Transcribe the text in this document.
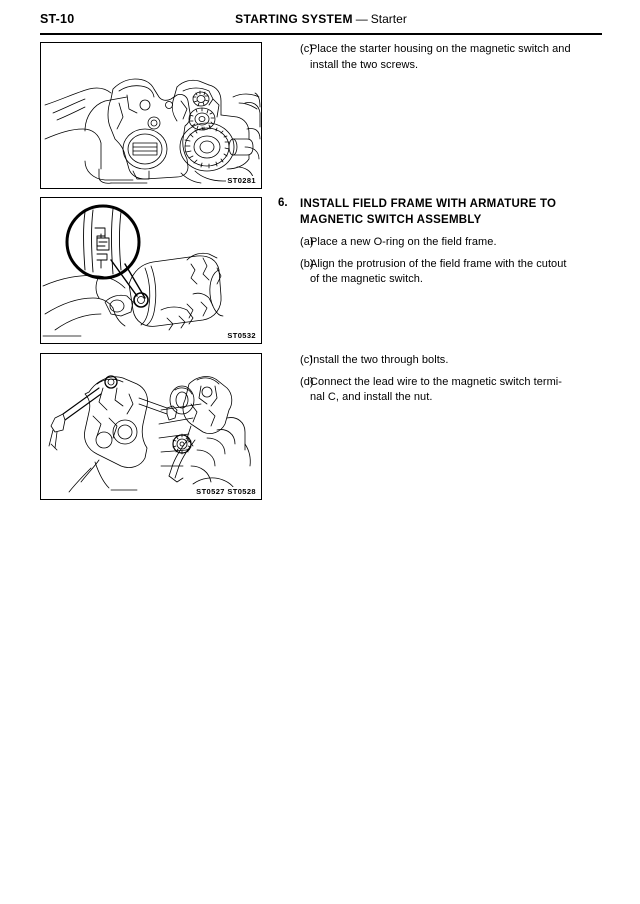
ST-10	STARTING SYSTEM — Starter
ST0281
ST0532
ST0527 ST0528
(c)
Place the starter housing on the magnetic switch and
install the two screws.
6. INSTALL FIELD FRAME WITH ARMATURE TO
MAGNETIC SWITCH ASSEMBLY
(a)
Place a new O-ring on the field frame.
(b)
Align the protrusion of the field frame with the cutout
of the magnetic switch.
(c)
Install the two through bolts.
(d)
Connect the lead wire to the magnetic switch termi-
nal C, and install the nut.
